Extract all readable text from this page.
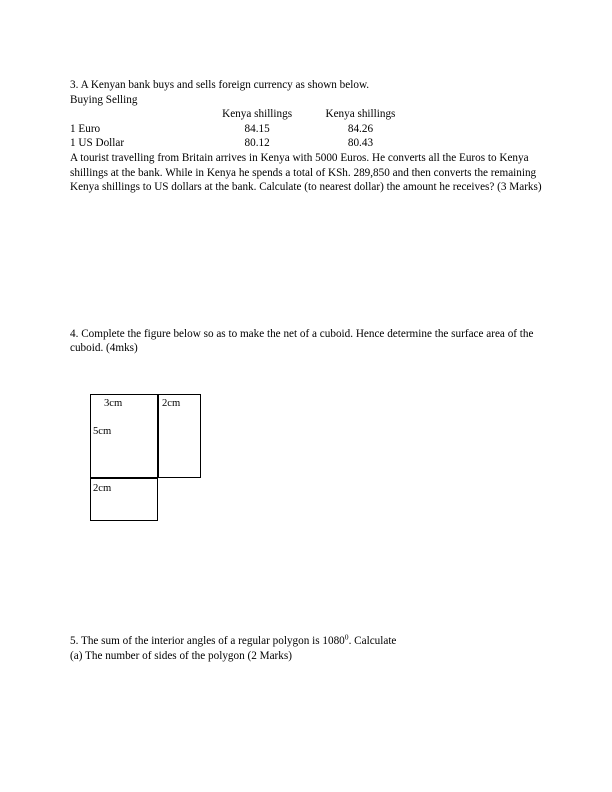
3. A Kenyan bank buys and sells foreign currency as shown below.
Buying Selling
	Kenya shillings	Kenya shillings
1 Euro	84.15	84.26
1 US Dollar	80.12	80.43
A tourist travelling from Britain arrives in Kenya with 5000 Euros. He converts all the Euros to Kenya shillings at the bank. While in Kenya he spends a total of KSh. 289,850 and then converts the remaining Kenya shillings to US dollars at the bank. Calculate (to nearest dollar) the amount he receives? (3 Marks)
4. Complete the figure below so as to make the net of a cuboid. Hence determine the surface area of the cuboid. (4mks)
3cm	2cm
5cm
2cm
5. The sum of the interior angles of a regular polygon is 1080$^0$. Calculate
(a) The number of sides of the polygon (2 Marks)
